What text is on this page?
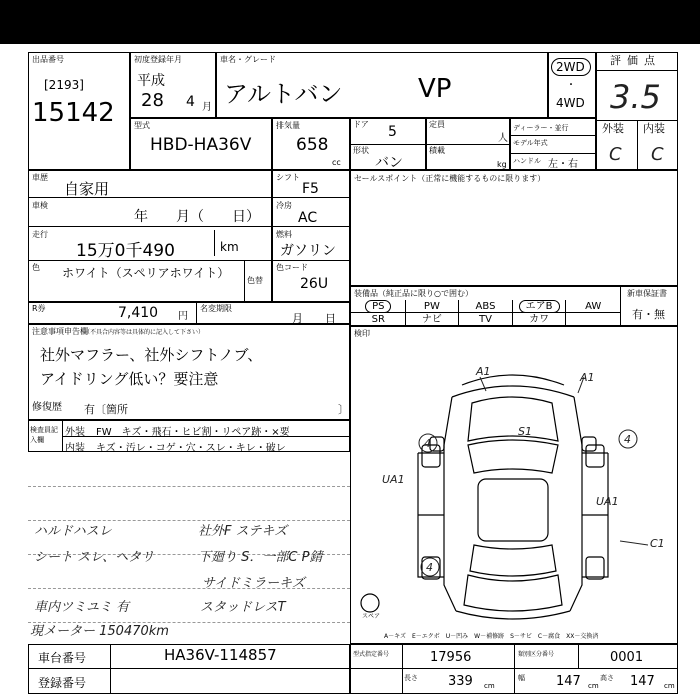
出品番号
[2193]
15142
初度登録年月
平成
28 4 月
車名・グレード
アルトバン	VP
2WD
・
4WD
評価点
3.5
外装 内装
C C
型式
HBD-HA36V
排気量
658
cc
ドア 5
形状
バン
定員
人
積載
kg
ディーラー・並行
モデル年式
ハンドル 左・右
車歴
自家用
車検
年　　月（　　日）
走行
15万0千490	km
色 ホワイト（スペリアホワイト）
色替
シフト
F5
冷房
AC
燃料
ガソリン
色コード
26U
R券	7,410 円
名変期限
月　　日
セールスポイント（正常に機能するものに限ります）
装備品（純正品に限り○で囲む）	新車保証書
有・無
PS	PW	ABS	エアB	AW
SR	ナビ	TV	カワ
検印
注意事項申告欄
（不具合内容等は具体的に記入して下さい）
社外マフラー、社外シフトノブ、
アイドリング低い？要注意
修復歴 有〔箇所	〕
検査員記入欄
外装 FW　キズ・飛石・ヒビ割・リペア跡・×要
内装 キズ・汚レ・コゲ・穴・スレ・キレ・破レ
ハルドハスレ
シート スレ、ヘタリ
車内ツミユミ 有
現メーター 150470km
社外F ステキズ
下廻り S．一部C P錆
サイドミラーキズ
スタッドレスT
A1	A1
S1
4	4
UA1
UA1
C1
4
スペア
A－キズ　E－エクボ　U－凹み　W－補修跡　S－サビ　C－腐食　XX－交換済
車台番号	HA36V-114857
登録番号
型式指定番号	17956	類別区分番号	0001
長さ 339 cm
幅 147 cm
高さ 147 cm
